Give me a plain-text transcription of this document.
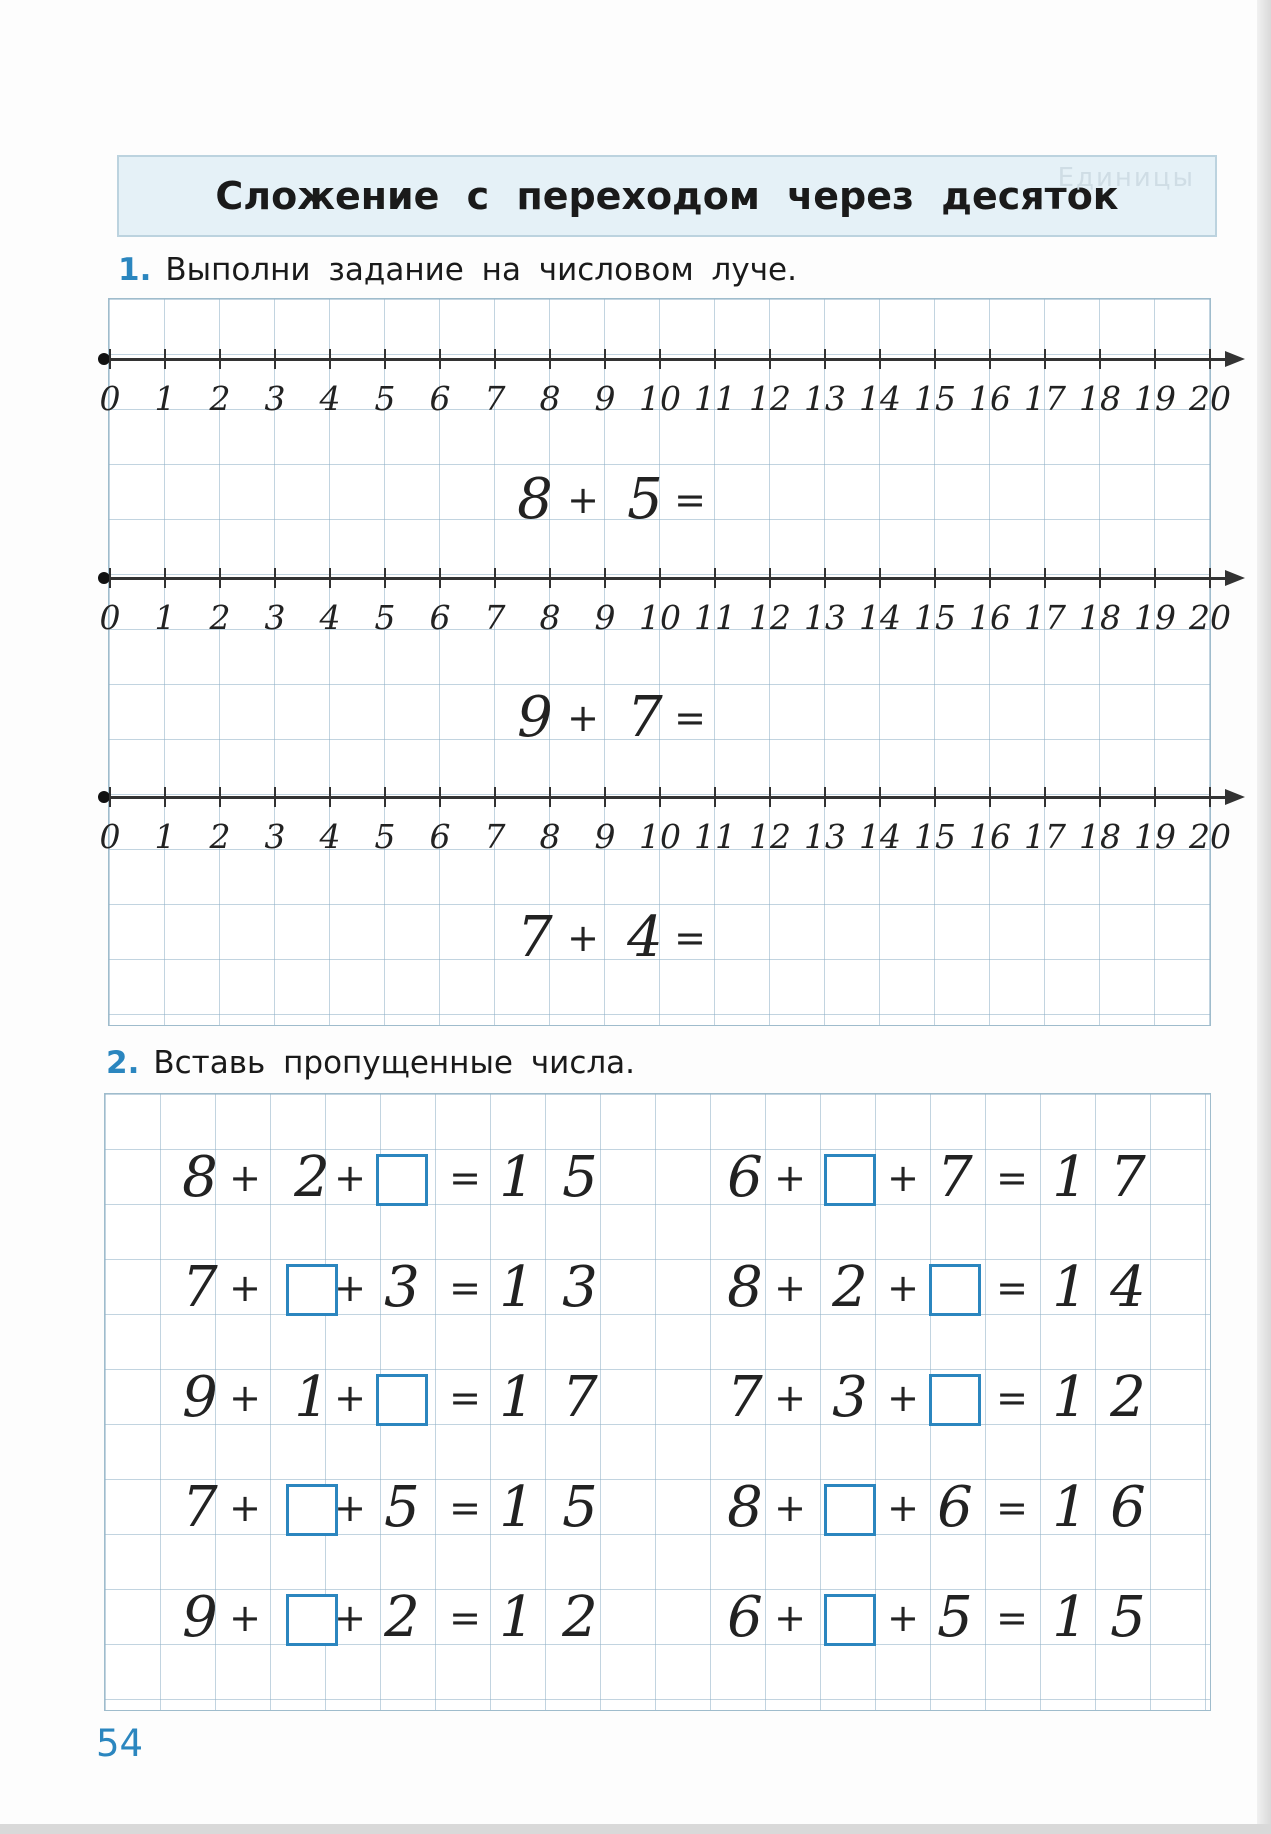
Единицы
Сложение с переходом через десяток
1. Выполни задание на числовом луче.
0	1	2	3	4	5	6	7	8	9 10 11 12 13 14 15 16 17 18 19 20
8 + 5 =
0	1	2	3	4	5	6	7	8	9 10 11 12 13 14 15 16 17 18 19 20
9 + 7 =
0	1	2	3	4	5	6	7	8	9 10 11 12 13 14 15 16 17 18 19 20
7 + 4 =
2. Вставь пропущенные числа.
8 + 2 + = 1 5
7 + + 3 = 1 3
9 + 1 + = 1 7
7 + + 5 = 1 5
9 + + 2 = 1 2
6 + + 7 = 1 7
8 + 2 + = 1 4
7 + 3 + = 1 2
8 + + 6 = 1 6
6 + + 5 = 1 5
54
